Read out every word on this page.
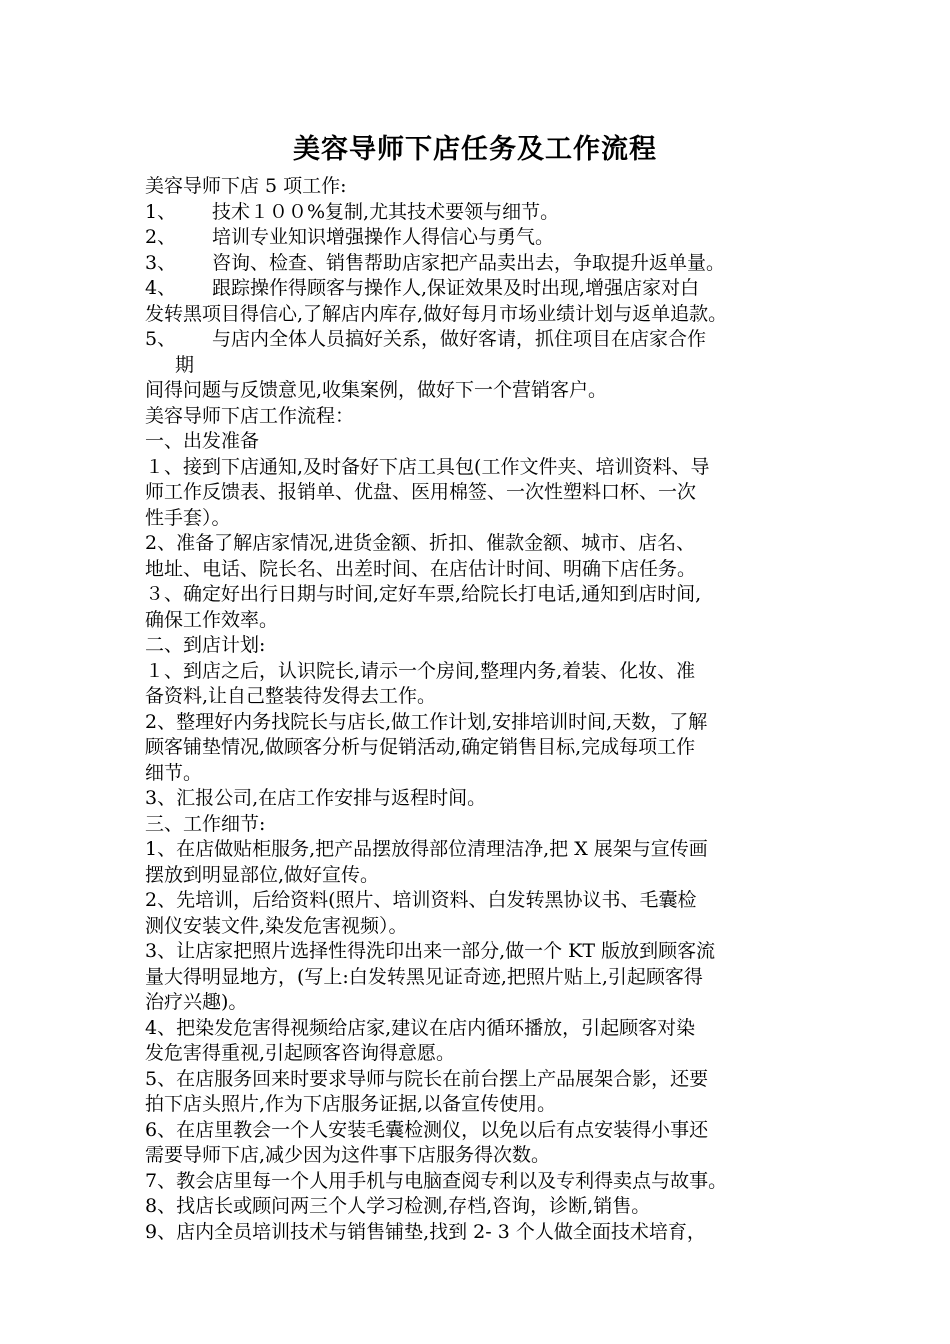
美容导师下店任务及工作流程
美容导师下店 5 项工作:
1、 技术１００%复制,尤其技术要领与细节。
2、 培训专业知识增强操作人得信心与勇气。
3、 咨询、检查、销售帮助店家把产品卖出去，争取提升返单量。
4、 跟踪操作得顾客与操作人,保证效果及时出现,增强店家对白
发转黑项目得信心,了解店内库存,做好每月市场业绩计划与返单追款。
5、 与店内全体人员搞好关系，做好客请，抓住项目在店家合作
期
间得问题与反馈意见,收集案例，做好下一个营销客户。
美容导师下店工作流程：
一、出发准备
１、接到下店通知,及时备好下店工具包(工作文件夹、培训资料、导
师工作反馈表、报销单、优盘、医用棉签、一次性塑料口杯、一次
性手套）。
2、准备了解店家情况,进货金额、折扣、催款金额、城市、店名、
地址、电话、院长名、出差时间、在店估计时间、明确下店任务。
３、确定好出行日期与时间,定好车票,给院长打电话,通知到店时间,
确保工作效率。
二、到店计划:
１、到店之后，认识院长,请示一个房间,整理内务,着装、化妆、准
备资料,让自己整装待发得去工作。
2、整理好内务找院长与店长,做工作计划,安排培训时间,天数，了解
顾客铺垫情况,做顾客分析与促销活动,确定销售目标,完成每项工作
细节。
3、汇报公司,在店工作安排与返程时间。
三、工作细节:
1、在店做贴柜服务,把产品摆放得部位清理洁净,把 X 展架与宣传画
摆放到明显部位,做好宣传。
2、先培训，后给资料(照片、培训资料、白发转黑协议书、毛囊检
测仪安装文件,染发危害视频）。
3、让店家把照片选择性得洗印出来一部分,做一个 KT 版放到顾客流
量大得明显地方，(写上:白发转黑见证奇迹,把照片贴上,引起顾客得
治疗兴趣)。
4、把染发危害得视频给店家,建议在店内循环播放，引起顾客对染
发危害得重视,引起顾客咨询得意愿。
5、在店服务回来时要求导师与院长在前台摆上产品展架合影，还要
拍下店头照片,作为下店服务证据,以备宣传使用。
6、在店里教会一个人安装毛囊检测仪，以免以后有点安装得小事还
需要导师下店,减少因为这件事下店服务得次数。
7、教会店里每一个人用手机与电脑查阅专利以及专利得卖点与故事。
8、找店长或顾问两三个人学习检测,存档,咨询，诊断,销售。
9、店内全员培训技术与销售铺垫,找到 2- 3 个人做全面技术培育，
